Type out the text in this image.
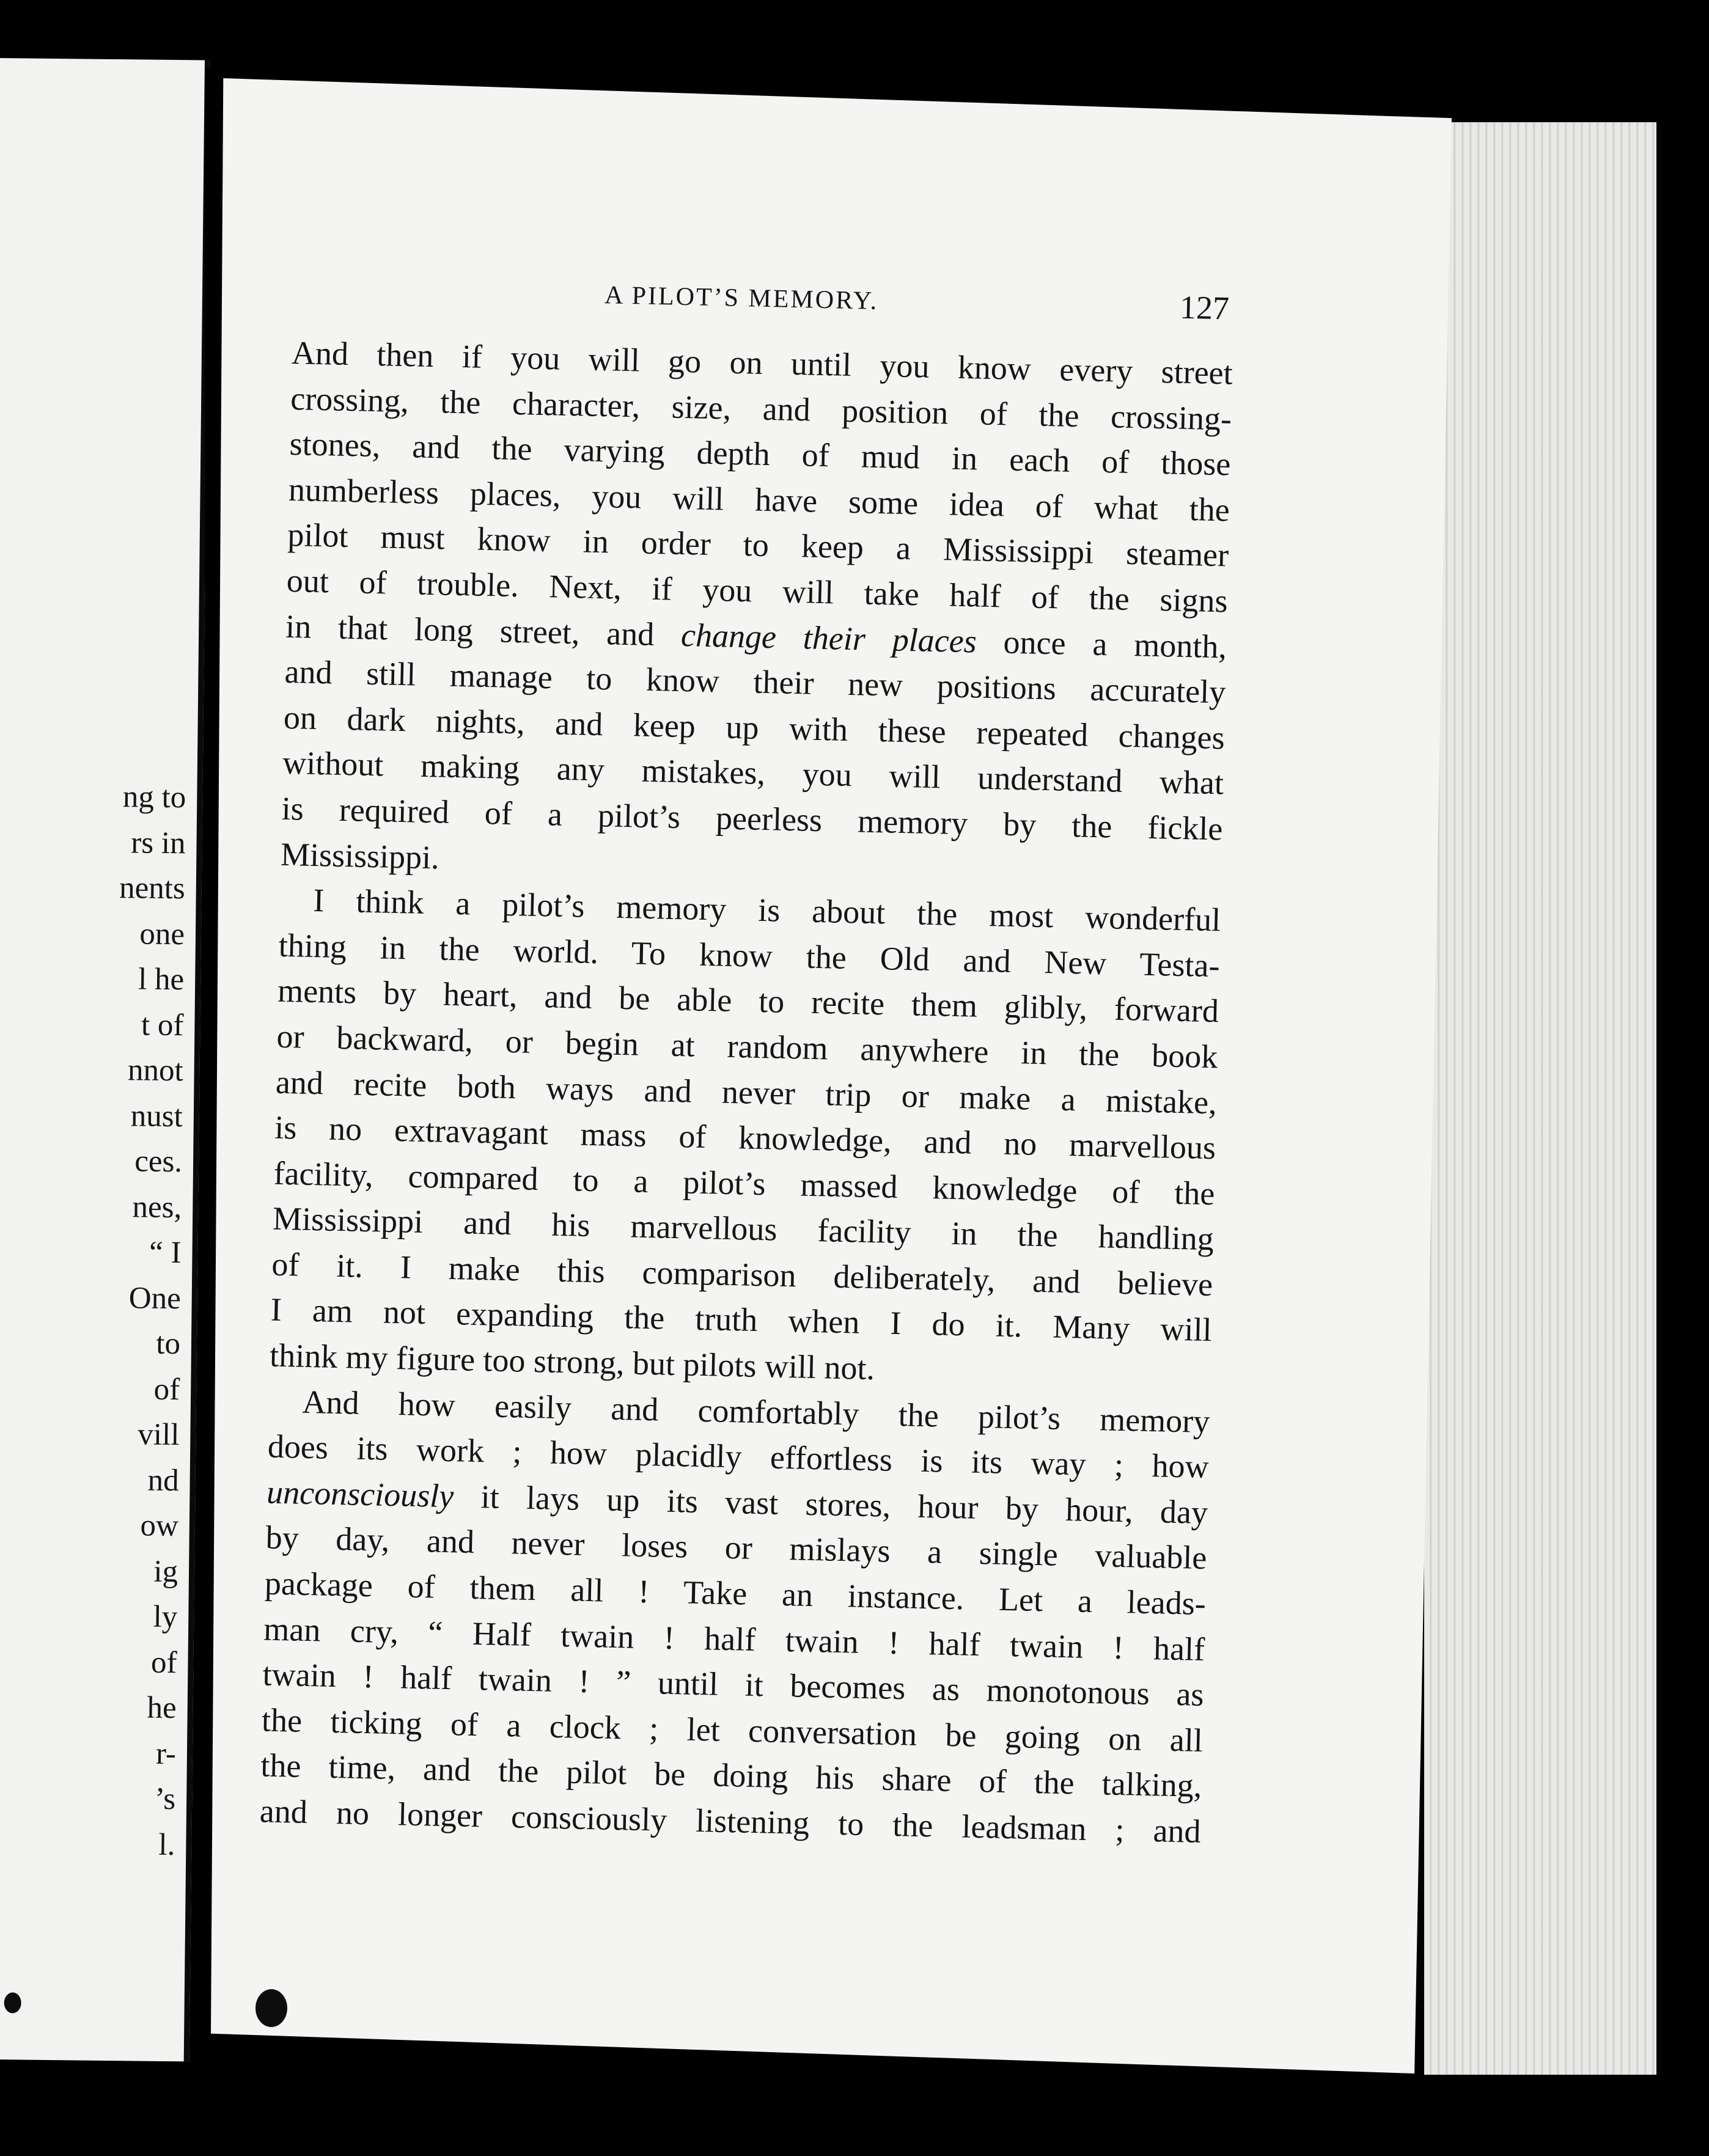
ng to
rs in
nents
one
l he
t of
nnot
nust
ces.
nes,
“ I
One
to
of
vill
nd
ow
ig
ly
of
he
r-
’s
l.
A PILOT’S MEMORY.	127
And then if you will go on until you know every street
crossing, the character, size, and position of the crossing-
stones, and the varying depth of mud in each of those
numberless places, you will have some idea of what the
pilot must know in order to keep a Mississippi steamer
out of trouble. Next, if you will take half of the signs
in that long street, and change their places once a month,
and still manage to know their new positions accurately
on dark nights, and keep up with these repeated changes
without making any mistakes, you will understand what
is required of a pilot’s peerless memory by the fickle
Mississippi.
I think a pilot’s memory is about the most wonderful
thing in the world. To know the Old and New Testa-
ments by heart, and be able to recite them glibly, forward
or backward, or begin at random anywhere in the book
and recite both ways and never trip or make a mistake,
is no extravagant mass of knowledge, and no marvellous
facility, compared to a pilot’s massed knowledge of the
Mississippi and his marvellous facility in the handling
of it. I make this comparison deliberately, and believe
I am not expanding the truth when I do it. Many will
think my figure too strong, but pilots will not.
And how easily and comfortably the pilot’s memory
does its work ; how placidly effortless is its way ; how
unconsciously it lays up its vast stores, hour by hour, day
by day, and never loses or mislays a single valuable
package of them all ! Take an instance. Let a leads-
man cry, “ Half twain ! half twain ! half twain ! half
twain ! half twain ! ” until it becomes as monotonous as
the ticking of a clock ; let conversation be going on all
the time, and the pilot be doing his share of the talking,
and no longer consciously listening to the leadsman ; and
